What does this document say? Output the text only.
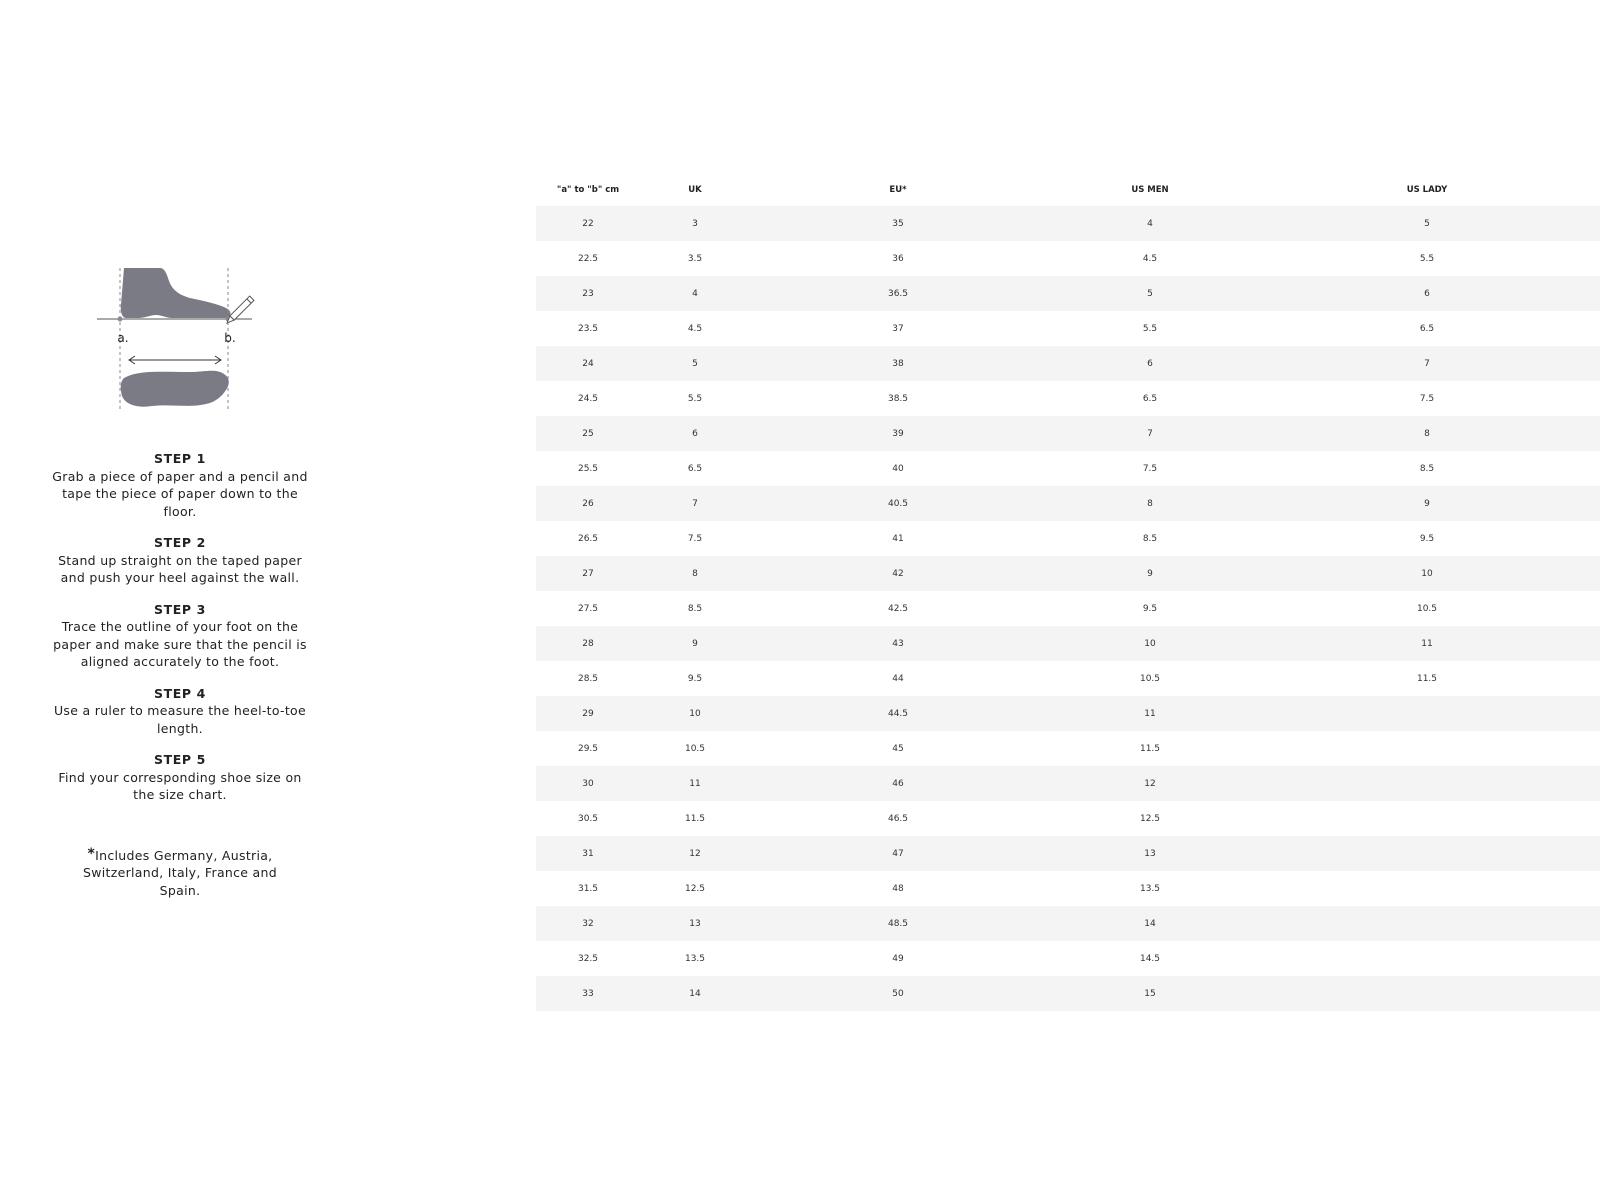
a.	b.
STEP 1
Grab a piece of paper and a pencil and tape the piece of paper down to the floor.
STEP 2
Stand up straight on the taped paper and push your heel against the wall.
STEP 3
Trace the outline of your foot on the paper and make sure that the pencil is aligned accurately to the foot.
STEP 4
Use a ruler to measure the heel-to-toe length.
STEP 5
Find your corresponding shoe size on the size chart.
*Includes Germany, Austria, Switzerland, Italy, France and Spain.
"a" to "b" cm	UK	EU*	US MEN	US LADY
22	3	35	4	5
22.5	3.5	36	4.5	5.5
23	4	36.5	5	6
23.5	4.5	37	5.5	6.5
24	5	38	6	7
24.5	5.5	38.5	6.5	7.5
25	6	39	7	8
25.5	6.5	40	7.5	8.5
26	7	40.5	8	9
26.5	7.5	41	8.5	9.5
27	8	42	9	10
27.5	8.5	42.5	9.5	10.5
28	9	43	10	11
28.5	9.5	44	10.5	11.5
29	10	44.5	11	
29.5	10.5	45	11.5	
30	11	46	12	
30.5	11.5	46.5	12.5	
31	12	47	13	
31.5	12.5	48	13.5	
32	13	48.5	14	
32.5	13.5	49	14.5	
33	14	50	15	
